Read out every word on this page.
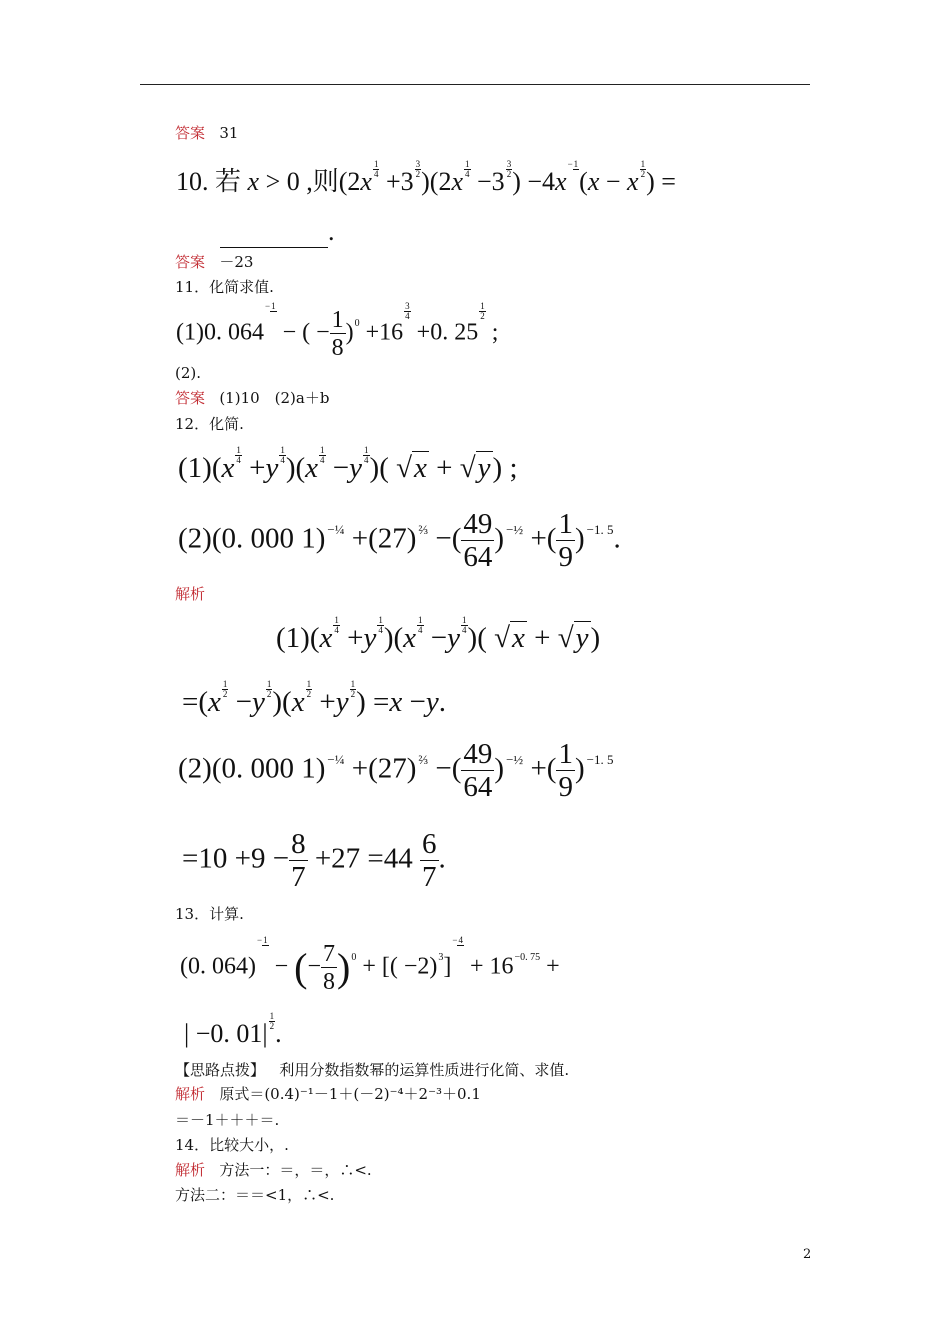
答案 31
10. 若 x > 0 ,则$(2x \frac{1}{4} +3 \frac{3}{2} )(2x \frac{1}{4} -3 \frac{3}{2}$ ) −4x−1(x − x $\frac{1}{2}$ ) =
.
答案 －23
11．化简求值.
(1)0. 064−1 − ( − $\frac{1}{8} )^0 +16$
$\frac{3}{4}$
+0. 25
$\frac{1}{2}$
;
(2).
答案 (1)10　(2)a＋b
12．化简.
$(1)(x \frac{1}{4} +y \frac{1}{4} )(x \frac{1}{4} -y \frac{1}{4}$ )( √x + √y) ;
(2)(0. 000 1) $^{-\frac{1}{4}}$ +(27) $^{\frac{2}{3}}$ −( $\frac{49}{64}$ ) $^{-\frac{1}{2}}$ +( $\frac{1}{9}$ ) $^{-1. 5}$.
解析
$(1)(x \frac{1}{4} +y \frac{1}{4} )(x \frac{1}{4} -y \frac{1}{4}$ )( √x + √y)
$=(x \frac{1}{2} -y \frac{1}{2} )(x \frac{1}{2} +y \frac{1}{2}$ ) =x −y.
(2)(0. 000 1) $^{-\frac{1}{4}}$ +(27) $^{\frac{2}{3}}$ −( $\frac{49}{64}$ ) $^{-\frac{1}{2}}$ +( $\frac{1}{9}$ ) $^{-1. 5}$
$=10 +9 - \frac{8}{7} +27 =44 \frac{6}{7}$ .
13．计算.
(0. 064)−1 − (− $\frac{7}{8} )^0$ + [( $-2)^3]-4 + 16^{-0. 75}$ +
| −0. $01| \frac{1}{2}$ .
【思路点拨】 利用分数指数幂的运算性质进行化简、求值.
解析 原式＝(0.4)⁻¹－1＋(－2)⁻⁴＋2⁻³＋0.1
＝－1＋＋＋＝.
14．比较大小，.
解析 方法一：＝，＝，∴<.
方法二：＝＝<1，∴<.
2
